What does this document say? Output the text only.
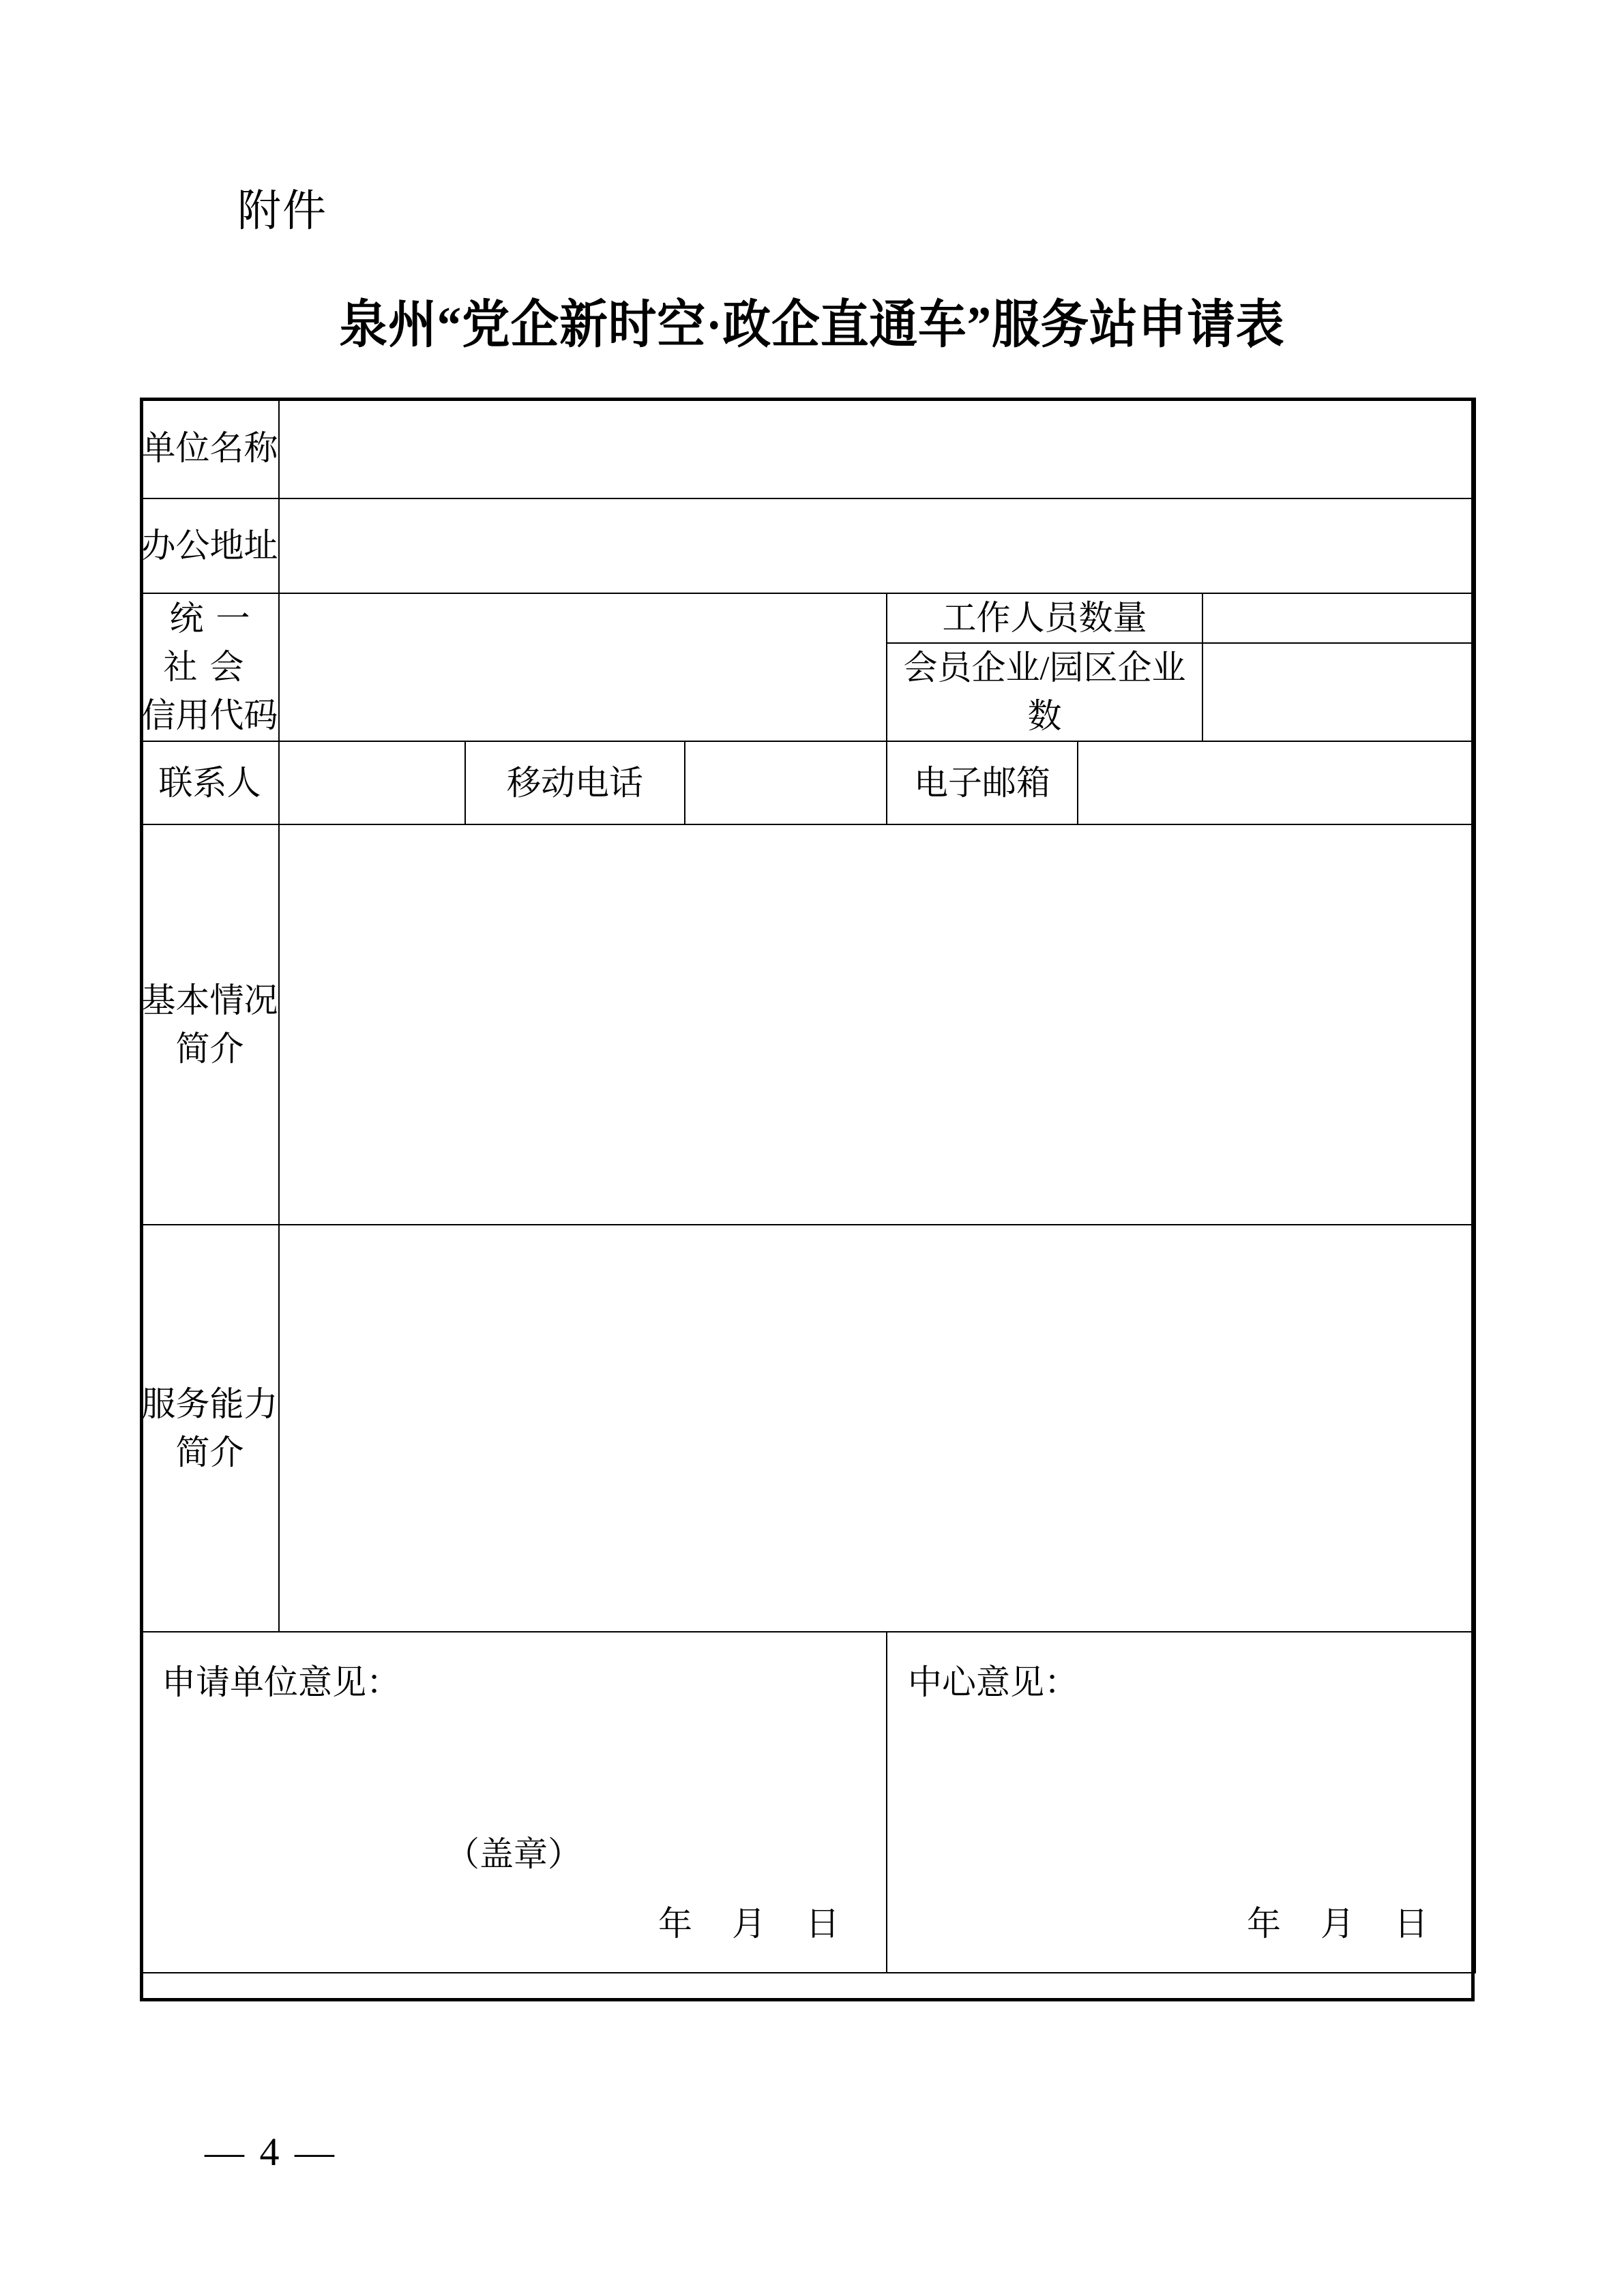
附件
泉州“党企新时空·政企直通车”服务站申请表
单位名称						
办公地址						

统一社会
信用代码				工作人员数量		
				会员企业/园区企业数		
联系人		移动电话		电子邮箱		

基本情况
简介						

服务能力
简介						

申请单位意见：
（盖章）
年 月 日

中心意见：
年 月 日
— 4 —
